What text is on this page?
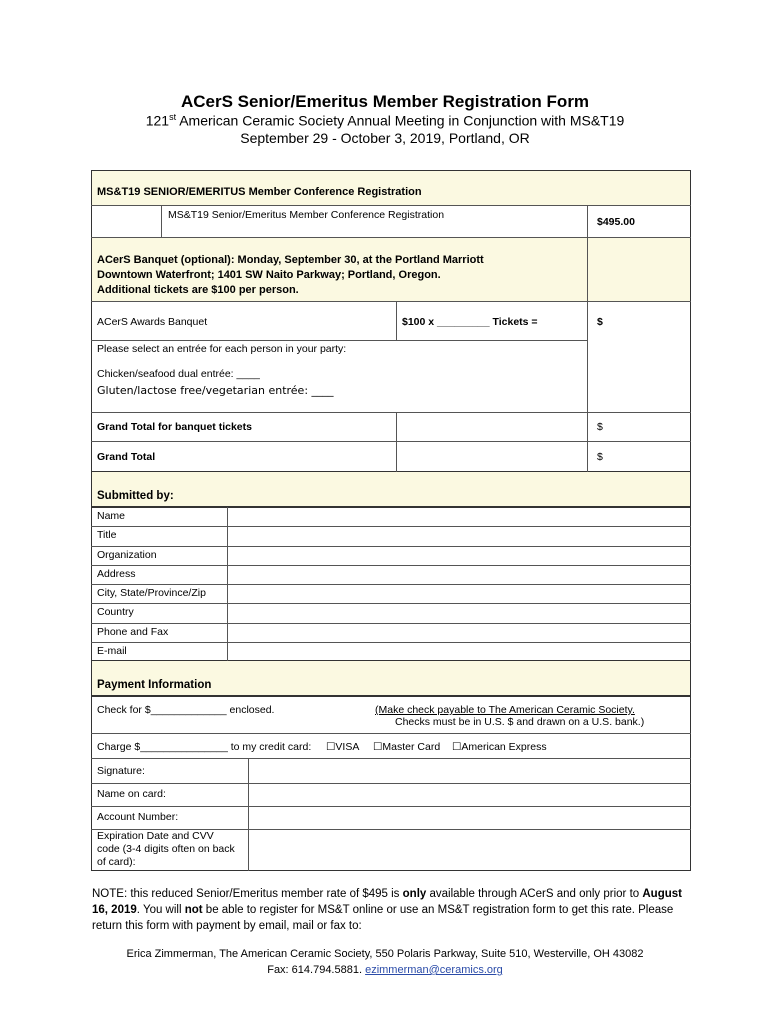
ACerS Senior/Emeritus Member Registration Form
121st American Ceramic Society Annual Meeting in Conjunction with MS&T19
September 29 - October 3, 2019, Portland, OR
MS&T19 SENIOR/EMERITUS Member Conference Registration
MS&T19 Senior/Emeritus Member Conference Registration
$495.00
ACerS Banquet (optional): Monday, September 30, at the Portland Marriott
Downtown Waterfront; 1401 SW Naito Parkway; Portland, Oregon.
Additional tickets are $100 per person.
ACerS Awards Banquet	$100 x _________ Tickets =	$
Please select an entrée for each person in your party:
Chicken/seafood dual entrée: ____
Gluten/lactose free/vegetarian entrée: ____
Grand Total for banquet tickets	$
Grand Total	$
Submitted by:
Name
Title
Organization
Address
City, State/Province/Zip
Country
Phone and Fax
E-mail
Payment Information
Check for $_____________ enclosed.	(Make check payable to The American Ceramic Society.
Checks must be in U.S. $ and drawn on a U.S. bank.)
Charge $_______________ to my credit card: ☐VISA ☐Master Card ☐American Express
Signature:
Name on card:
Account Number:
Expiration Date and CVV
code (3-4 digits often on back
of card):
NOTE: this reduced Senior/Emeritus member rate of $495 is only available through ACerS and only prior to August 16, 2019. You will not be able to register for MS&T online or use an MS&T registration form to get this rate. Please return this form with payment by email, mail or fax to:
Erica Zimmerman, The American Ceramic Society, 550 Polaris Parkway, Suite 510, Westerville, OH 43082
Fax: 614.794.5881. ezimmerman@ceramics.org
